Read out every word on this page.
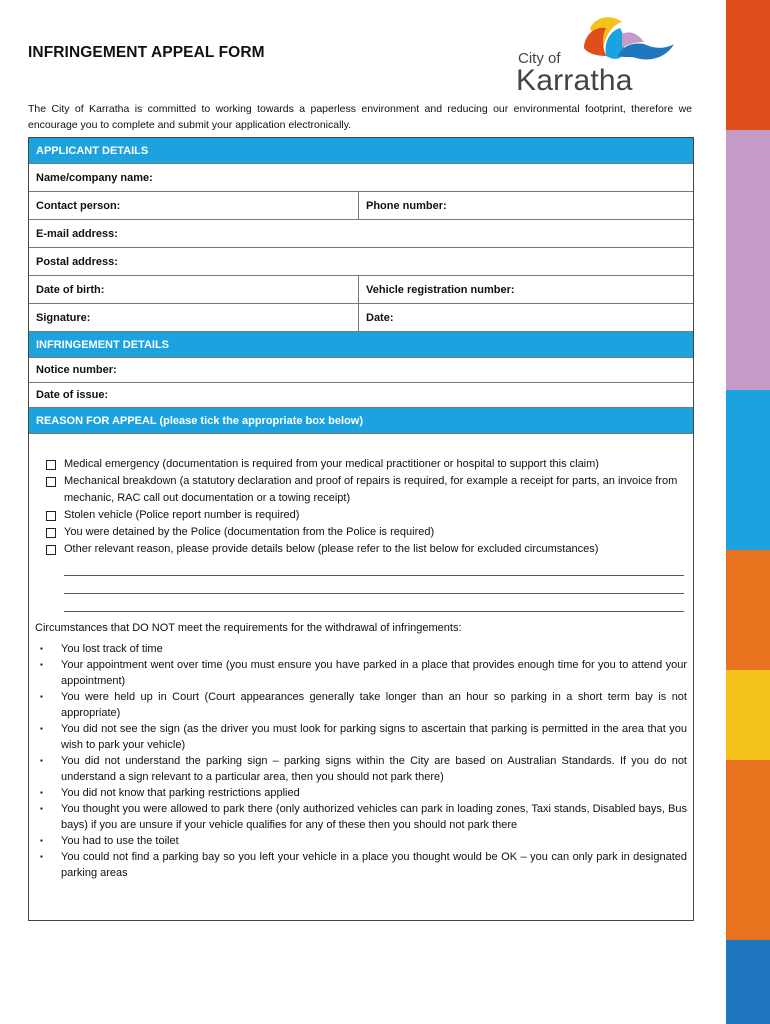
INFRINGEMENT APPEAL FORM	City of
Karratha
The City of Karratha is committed to working towards a paperless environment and reducing our environmental footprint, therefore we encourage you to complete and submit your application electronically.
APPLICANT DETAILS
Name/company name:
Contact person:	Phone number:
E-mail address:
Postal address:
Date of birth:	Vehicle registration number:
Signature:	Date:
INFRINGEMENT DETAILS
Notice number:
Date of issue:
REASON FOR APPEAL (please tick the appropriate box below)
Medical emergency (documentation is required from your medical practitioner or hospital to support this claim)
Mechanical breakdown (a statutory declaration and proof of repairs is required, for example a receipt for parts, an invoice from mechanic, RAC call out documentation or a towing receipt)
Stolen vehicle (Police report number is required)
You were detained by the Police (documentation from the Police is required)
Other relevant reason, please provide details below (please refer to the list below for excluded circumstances)
Circumstances that DO NOT meet the requirements for the withdrawal of infringements:
▪
You lost track of time
▪
Your appointment went over time (you must ensure you have parked in a place that provides enough time for you to attend your appointment)
▪
You were held up in Court (Court appearances generally take longer than an hour so parking in a short term bay is not appropriate)
▪
You did not see the sign (as the driver you must look for parking signs to ascertain that parking is permitted in the area that you wish to park your vehicle)
▪
You did not understand the parking sign – parking signs within the City are based on Australian Standards. If you do not understand a sign relevant to a particular area, then you should not park there)
▪
You did not know that parking restrictions applied
▪
You thought you were allowed to park there (only authorized vehicles can park in loading zones, Taxi stands, Disabled bays, Bus bays) if you are unsure if your vehicle qualifies for any of these then you should not park there
▪
You had to use the toilet
▪
You could not find a parking bay so you left your vehicle in a place you thought would be OK – you can only park in designated parking areas
